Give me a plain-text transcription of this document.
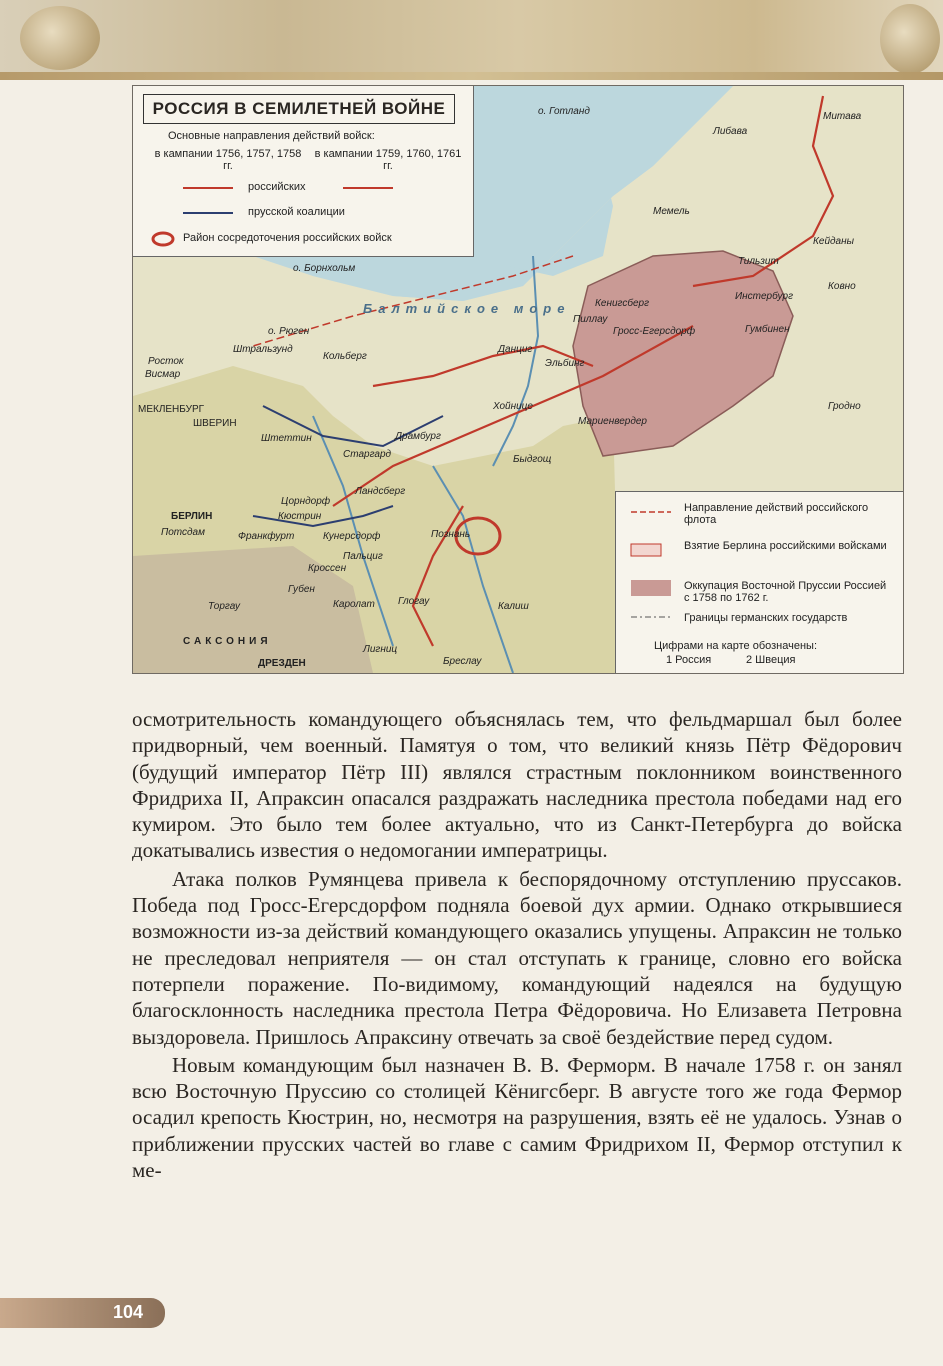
РОССИЯ В СЕМИЛЕТНЕЙ ВОЙНЕ
Основные направления действий войск:
в кампании 1756, 1757, 1758 гг.
в кампании 1759, 1760, 1761 гг.
российских
прусской коалиции
Район сосредоточения российских войск
Направление действий российского флота
Взятие Берлина российскими войсками
Оккупация Восточной Пруссии Россией с 1758 по 1762 г.
Границы германских государств
Цифрами на карте обозначены:
1 Россия	2 Швеция
о. Готланд
Либава
Митава
Мемель
Кейданы
Тильзит
Ковно
Кенигсберг
Инстербург
Гумбинен
Гросс-Егерсдорф
Пиллау
Гродно
Данциг
Эльбинг
Мариенвердер
Хойнице
Кольберг
Штральзунд
о. Рюген
о. Борнхольм
Росток
Висмар
Штеттин
Старгард
Драмбург
Быдгощ
Ландсберг
Кюстрин
Цорндорф
БЕРЛИН
Потсдам	Франкфурт	Кунерсдорф
Пальциг
Кроссен
Губен
Познань
Калиш
Торгау	Каролат Глогау
Лигниц
Бреслау
ДРЕЗДЕН
САКСОНИЯ
МЕКЛЕНБУРГ
ШВЕРИН
Балтийское море

осмотрительность командующего объяснялась тем, что фельдмаршал был более придворный, чем военный. Памятуя о том, что великий князь Пётр Фёдорович (будущий император Пётр III) являлся страстным поклонником воинственного Фридриха II, Апраксин опасался раздражать наследника престола победами над его кумиром. Это было тем более актуально, что из Санкт-Петербурга до войска докатывались известия о недомогании императрицы.

Атака полков Румянцева привела к беспорядочному отступлению пруссаков. Победа под Гросс-Егерсдорфом подняла боевой дух армии. Однако открывшиеся возможности из-за действий командующего оказались упущены. Апраксин не только не преследовал неприятеля — он стал отступать к границе, словно его войска потерпели поражение. По-видимому, командующий надеялся на будущую благосклонность наследника престола Петра Фёдоровича. Но Елизавета Петровна выздоровела. Пришлось Апраксину отвечать за своё бездействие перед судом.

Новым командующим был назначен В. В. Ферморм. В начале 1758 г. он занял всю Восточную Пруссию со столицей Кёнигсберг. В августе того же года Фермор осадил крепость Кюстрин, но, несмотря на разрушения, взять её не удалось. Узнав о приближении прусских частей во главе с самим Фридрихом II, Фермор отступил к ме-

104
